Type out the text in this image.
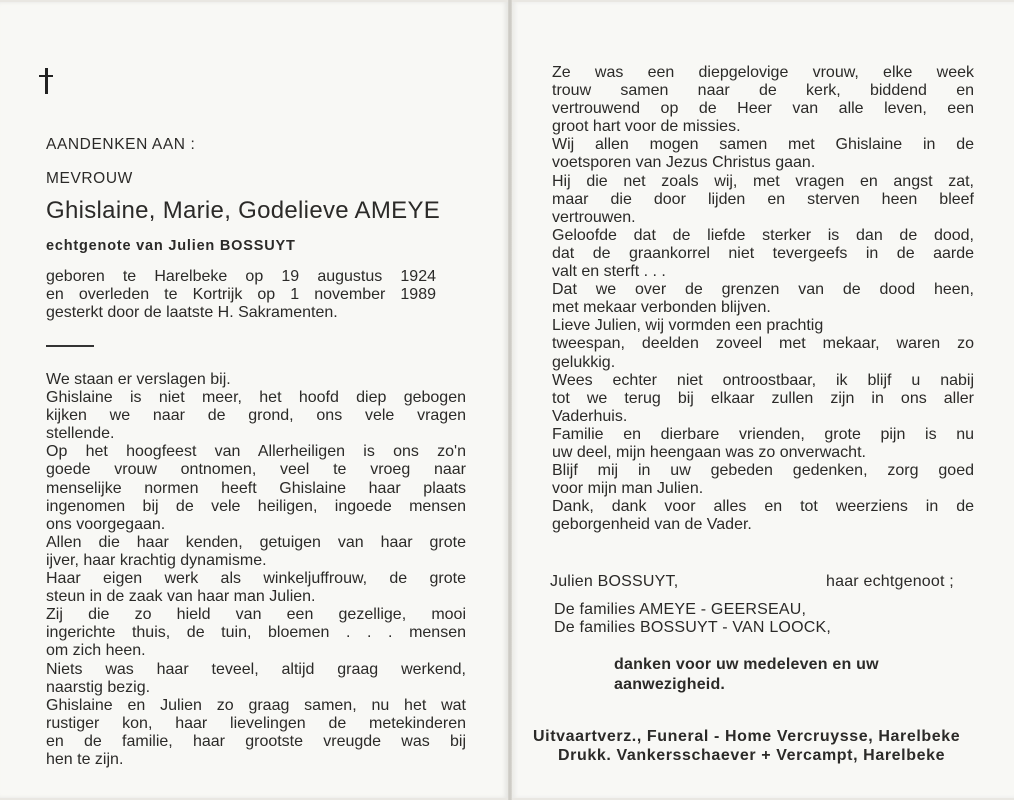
AANDENKEN AAN :
MEVROUW
Ghislaine, Marie, Godelieve AMEYE
echtgenote van Julien BOSSUYT
geboren te Harelbeke op 19 augustus 1924
en overleden te Kortrijk op 1 november 1989
gesterkt door de laatste H. Sakramenten.
We staan er verslagen bij.
Ghislaine is niet meer, het hoofd diep gebogen
kijken we naar de grond, ons vele vragen
stellende.
Op het hoogfeest van Allerheiligen is ons zo'n
goede vrouw ontnomen, veel te vroeg naar
menselijke normen heeft Ghislaine haar plaats
ingenomen bij de vele heiligen, ingoede mensen
ons voorgegaan.
Allen die haar kenden, getuigen van haar grote
ijver, haar krachtig dynamisme.
Haar eigen werk als winkeljuffrouw, de grote
steun in de zaak van haar man Julien.
Zij die zo hield van een gezellige, mooi
ingerichte thuis, de tuin, bloemen . . . mensen
om zich heen.
Niets was haar teveel, altijd graag werkend,
naarstig bezig.
Ghislaine en Julien zo graag samen, nu het wat
rustiger kon, haar lievelingen de metekinderen
en de familie, haar grootste vreugde was bij
hen te zijn.
Ze was een diepgelovige vrouw, elke week
trouw samen naar de kerk, biddend en
vertrouwend op de Heer van alle leven, een
groot hart voor de missies.
Wij allen mogen samen met Ghislaine in de
voetsporen van Jezus Christus gaan.
Hij die net zoals wij, met vragen en angst zat,
maar die door lijden en sterven heen bleef
vertrouwen.
Geloofde dat de liefde sterker is dan de dood,
dat de graankorrel niet tevergeefs in de aarde
valt en sterft . . .
Dat we over de grenzen van de dood heen,
met mekaar verbonden blijven.
Lieve Julien, wij vormden een prachtig
tweespan, deelden zoveel met mekaar, waren zo
gelukkig.
Wees echter niet ontroostbaar, ik blijf u nabij
tot we terug bij elkaar zullen zijn in ons aller
Vaderhuis.
Familie en dierbare vrienden, grote pijn is nu
uw deel, mijn heengaan was zo onverwacht.
Blijf mij in uw gebeden gedenken, zorg goed
voor mijn man Julien.
Dank, dank voor alles en tot weerziens in de
geborgenheid van de Vader.
Julien BOSSUYT,	haar echtgenoot ;
De families AMEYE - GEERSEAU,
De families BOSSUYT - VAN LOOCK,
danken voor uw medeleven en uw
aanwezigheid.
Uitvaartverz., Funeral - Home Vercruysse, Harelbeke
Drukk. Vankersschaever + Vercampt, Harelbeke
